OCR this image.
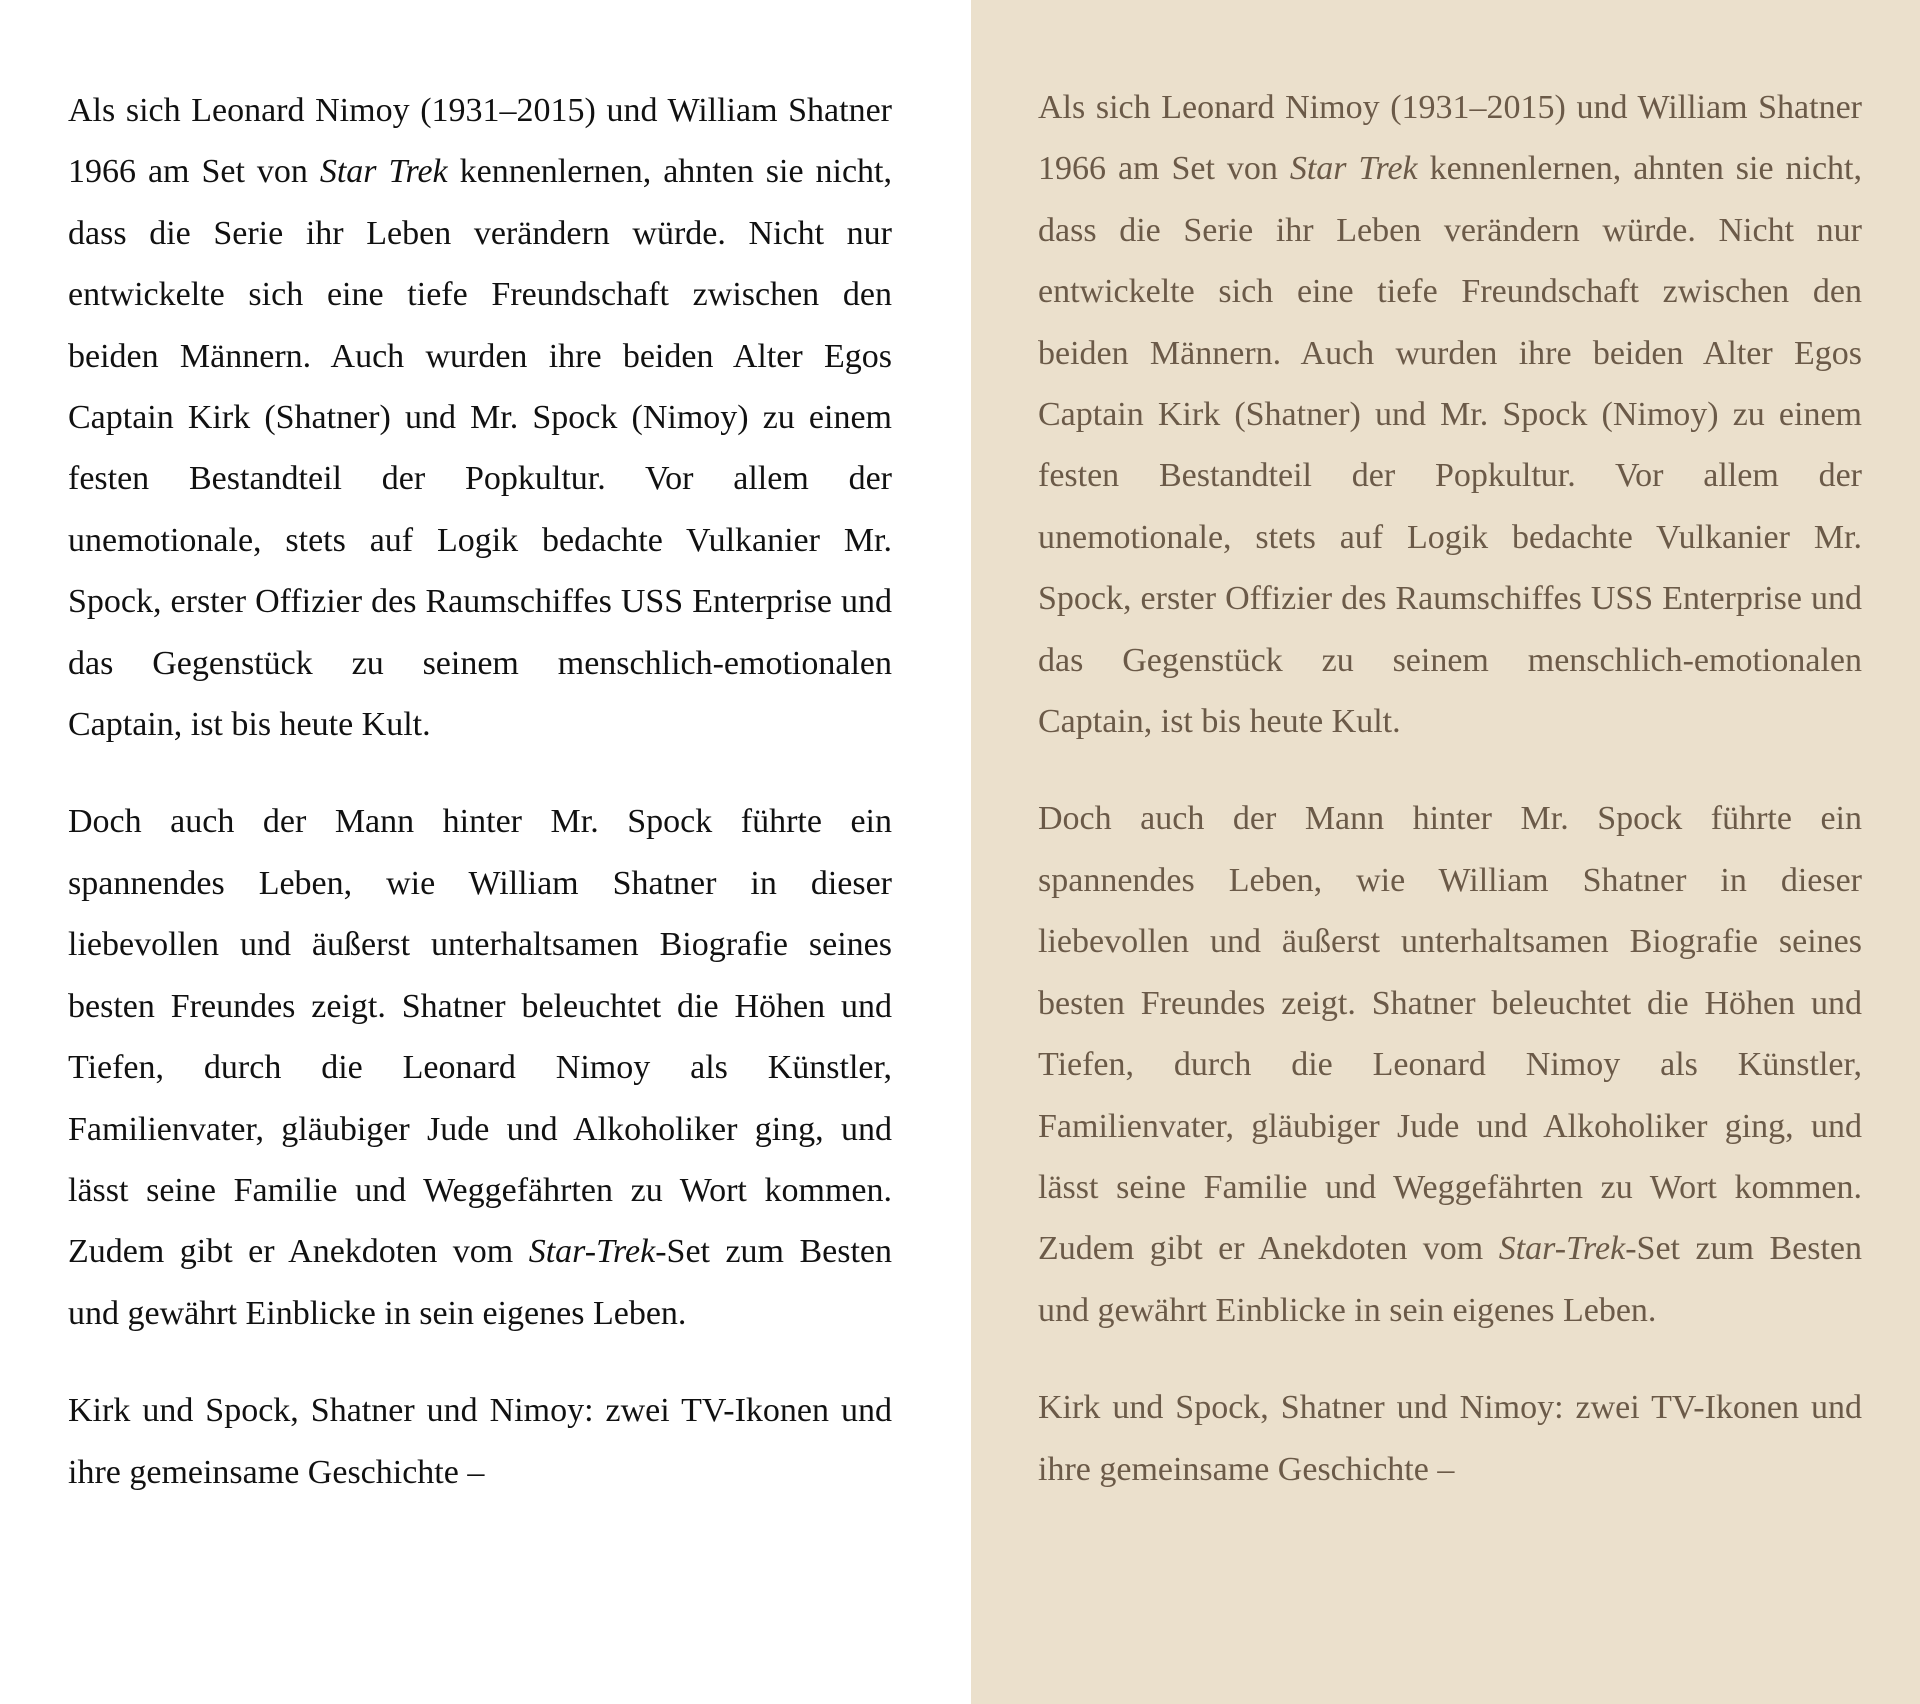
Als sich Leonard Nimoy (1931–2015) und William Shatner 1966 am Set von Star Trek kennenlernen, ahnten sie nicht, dass die Serie ihr Leben verändern würde. Nicht nur entwickelte sich eine tiefe Freundschaft zwischen den beiden Männern. Auch wurden ihre beiden Alter Egos Captain Kirk (Shatner) und Mr. Spock (Nimoy) zu einem festen Bestandteil der Popkultur. Vor allem der unemotionale, stets auf Logik bedachte Vulkanier Mr. Spock, erster Offizier des Raumschiffes USS Enterprise und das Gegenstück zu seinem menschlich-emotionalen Captain, ist bis heute Kult.

Doch auch der Mann hinter Mr. Spock führte ein spannendes Leben, wie William Shatner in dieser liebevollen und äußerst unterhaltsamen Biografie seines besten Freundes zeigt. Shatner beleuchtet die Höhen und Tiefen, durch die Leonard Nimoy als Künstler, Familienvater, gläubiger Jude und Alkoholiker ging, und lässt seine Familie und Weggefährten zu Wort kommen. Zudem gibt er Anekdoten vom Star-Trek-Set zum Besten und gewährt Einblicke in sein eigenes Leben.

Kirk und Spock, Shatner und Nimoy: zwei TV-Ikonen und ihre gemeinsame Geschichte –

Als sich Leonard Nimoy (1931–2015) und William Shatner 1966 am Set von Star Trek kennenlernen, ahnten sie nicht, dass die Serie ihr Leben verändern würde. Nicht nur entwickelte sich eine tiefe Freundschaft zwischen den beiden Männern. Auch wurden ihre beiden Alter Egos Captain Kirk (Shatner) und Mr. Spock (Nimoy) zu einem festen Bestandteil der Popkultur. Vor allem der unemotionale, stets auf Logik bedachte Vulkanier Mr. Spock, erster Offizier des Raumschiffes USS Enterprise und das Gegenstück zu seinem menschlich-emotionalen Captain, ist bis heute Kult.

Doch auch der Mann hinter Mr. Spock führte ein spannendes Leben, wie William Shatner in dieser liebevollen und äußerst unterhaltsamen Biografie seines besten Freundes zeigt. Shatner beleuchtet die Höhen und Tiefen, durch die Leonard Nimoy als Künstler, Familienvater, gläubiger Jude und Alkoholiker ging, und lässt seine Familie und Weggefährten zu Wort kommen. Zudem gibt er Anekdoten vom Star-Trek-Set zum Besten und gewährt Einblicke in sein eigenes Leben.

Kirk und Spock, Shatner und Nimoy: zwei TV-Ikonen und ihre gemeinsame Geschichte –
